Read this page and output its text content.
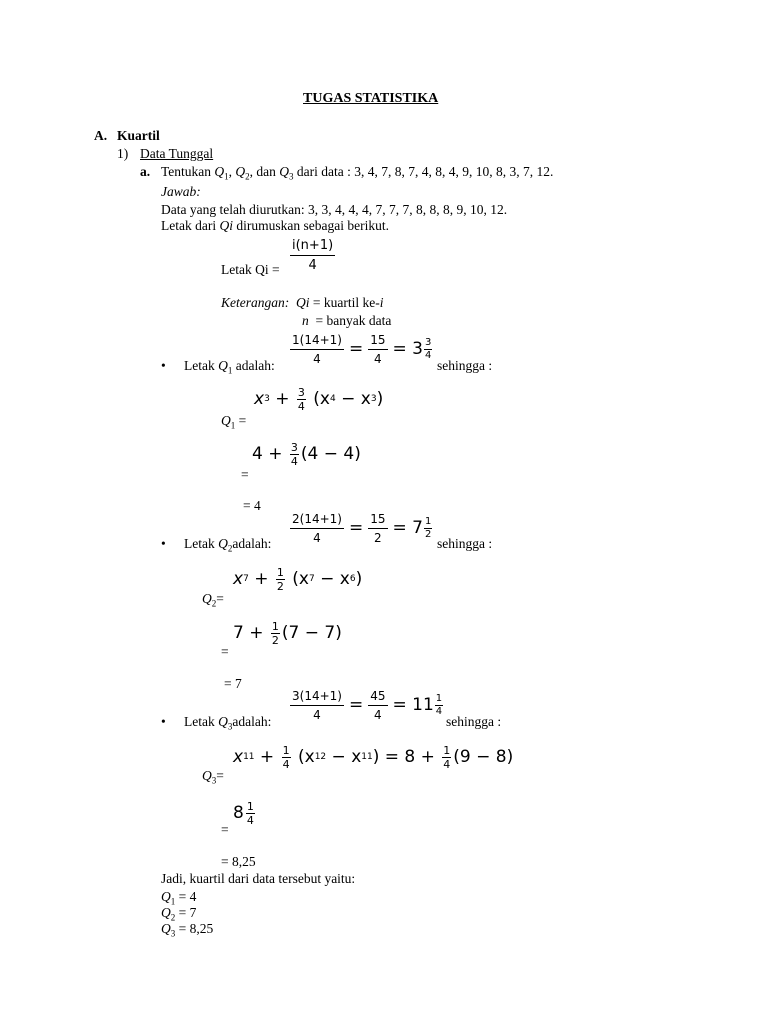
TUGAS STATISTIKA
A. Kuartil
1) Data Tunggal
a. Tentukan $Q_1$, $Q_2$, dan $Q_3$ dari data : 3, 4, 7, 8, 7, 4, 8, 4, 9, 10, 8, 3, 7, 12.
Jawab:
Data yang telah diurutkan: 3, 3, 4, 4, 4, 7, 7, 7, 8, 8, 8, 9, 10, 12.
Letak dari Qi dirumuskan sebagai berikut.
Letak $Qi = \frac{i(n+1)}{4}$
Keterangan: Qi = kuartil ke-i
n  = banyak data
•
Letak $Q_1$ adalah:
$\frac{1(14+1)}{4} = \frac{15}{4} = 3$ 3
4
sehingga :
$Q_1$ =
x $3 + \frac{3}{4} (x$ 4 − x 3 )
=
$4 + \frac{3}{4} (4 - 4)$
= 4
•
Letak $Q_2adalah$: $\frac{2(14+1)}{4} = \frac{15}{2} = 7$ 1
2
sehingga :
$Q_2=$
x $7 + \frac{1}{2} (x$ 7 − x 6 )
=
$7 + \frac{1}{2} (7 - 7)$
= 7
•
Letak $Q_3adalah$:
$\frac{3(14+1)}{4} = \frac{45}{4} = 11$ 1
4
sehingga :
$Q_3=$
x $11 + \frac{1}{4} (x$ 12 − x 11 ) = $8 + \frac{1}{4} (9 - 8)$
=
8 1
4
= 8,25
Jadi, kuartil dari data tersebut yaitu:
$Q_1 = 4$
$Q_2 = 7$
$Q_3 = 8,25$
